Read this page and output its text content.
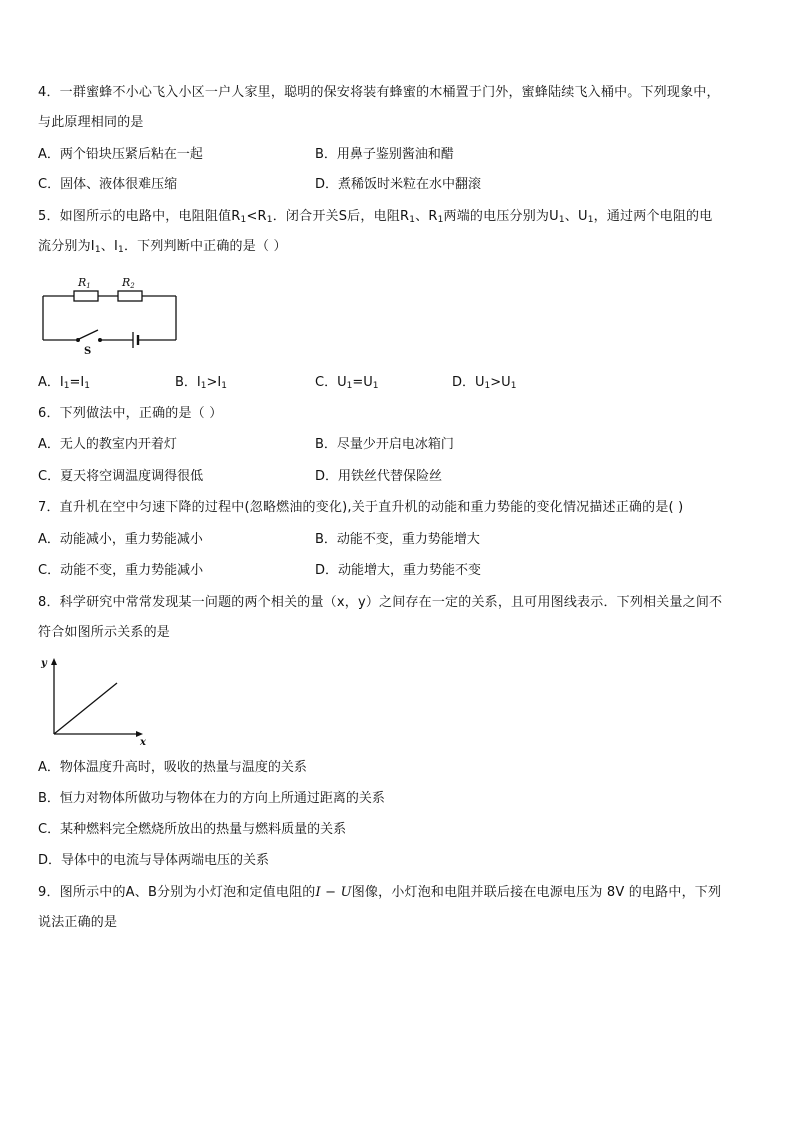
4．一群蜜蜂不小心飞入小区一户人家里，聪明的保安将装有蜂蜜的木桶置于门外，蜜蜂陆续飞入桶中。下列现象中，
与此原理相同的是
A．两个铅块压紧后粘在一起	B．用鼻子鉴别酱油和醋
C．固体、液体很难压缩	D．煮稀饭时米粒在水中翻滚
5．如图所示的电路中，电阻阻值$R_1<R_1$．闭合开关S后，电阻$R_1$、$R_1$两端的电压分别为$U_1$、$U_1$，通过两个电阻的电
流分别为$I_1$、$I_1$．下列判断中正确的是（ ）
R1	R2
S
A．$I_1=I_1$	B．$I_1>I_1$	C．$U_1=U_1$	D．$U_1>U_1$
6．下列做法中，正确的是（ ）
A．无人的教室内开着灯	B．尽量少开启电冰箱门
C．夏天将空调温度调得很低	D．用铁丝代替保险丝
7．直升机在空中匀速下降的过程中(忽略燃油的变化),关于直升机的动能和重力势能的变化情况描述正确的是( )
A．动能减小，重力势能减小	B．动能不变，重力势能增大
C．动能不变，重力势能减小	D．动能增大，重力势能不变
8．科学研究中常常发现某一问题的两个相关的量（x，y）之间存在一定的关系，且可用图线表示．下列相关量之间不
符合如图所示关系的是
y
x
A．物体温度升高时，吸收的热量与温度的关系
B．恒力对物体所做功与物体在力的方向上所通过距离的关系
C．某种燃料完全燃烧所放出的热量与燃料质量的关系
D．导体中的电流与导体两端电压的关系
9．图所示中的A、B分别为小灯泡和定值电阻的I − U图像，小灯泡和电阻并联后接在电源电压为 8V 的电路中，下列
说法正确的是
